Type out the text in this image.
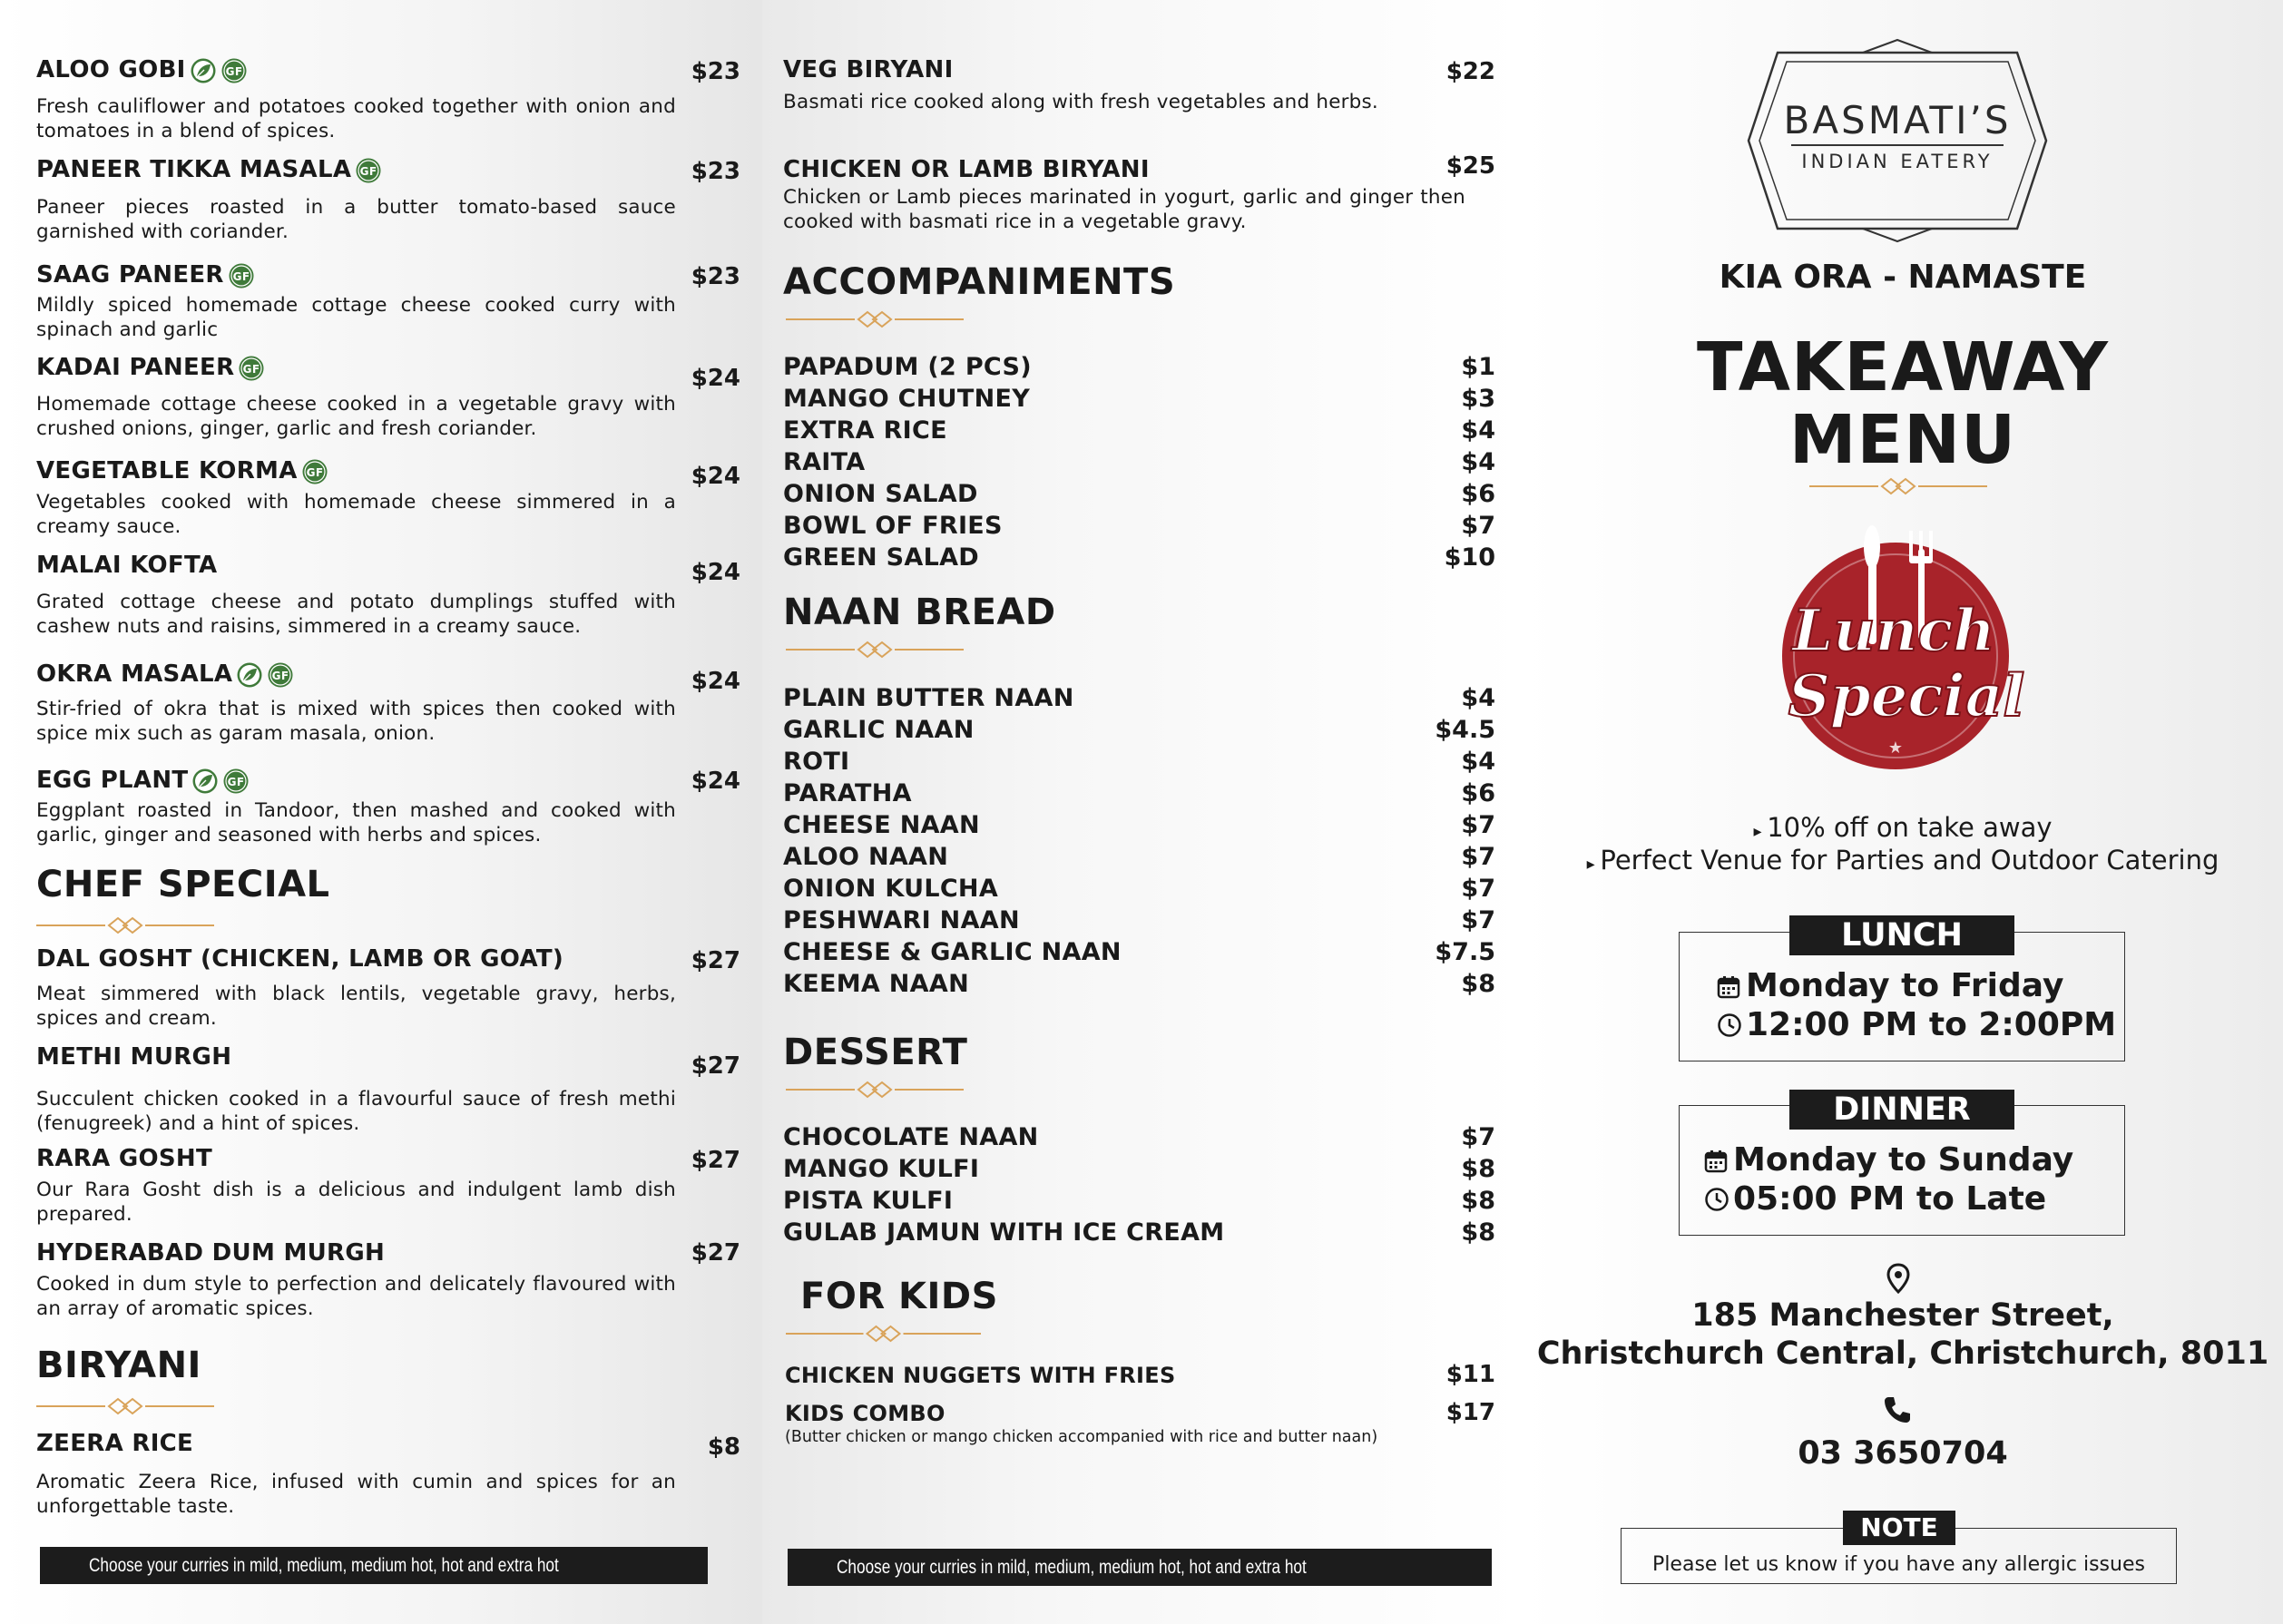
ALOO GOBI	GF	$23
Fresh cauliflower and potatoes cooked together with onion and tomatoes in a blend of spices.
PANEER TIKKA MASALA GF	$23
Paneer pieces roasted in a butter tomato-based sauce garnished with coriander.
SAAG PANEER GF	$23
Mildly spiced homemade cottage cheese cooked curry with spinach and garlic
KADAI PANEER GF	$24
Homemade cottage cheese cooked in a vegetable gravy with crushed onions, ginger, garlic and fresh coriander.
VEGETABLE KORMA GF	$24
Vegetables cooked with homemade cheese simmered in a creamy sauce.
MALAI KOFTA	$24
Grated cottage cheese and potato dumplings stuffed with cashew nuts and raisins, simmered in a creamy sauce.
OKRA MASALA	GF	$24
Stir-fried of okra that is mixed with spices then cooked with spice mix such as garam masala, onion.
EGG PLANT	GF	$24
Eggplant roasted in Tandoor, then mashed and cooked with garlic, ginger and seasoned with herbs and spices.
CHEF SPECIAL
DAL GOSHT (CHICKEN, LAMB OR GOAT)	$27
Meat simmered with black lentils, vegetable gravy, herbs, spices and cream.
METHI MURGH	$27
Succulent chicken cooked in a flavourful sauce of fresh methi (fenugreek) and a hint of spices.
RARA GOSHT	$27
Our Rara Gosht dish is a delicious and indulgent lamb dish prepared.
HYDERABAD DUM MURGH	$27
Cooked in dum style to perfection and delicately flavoured with an array of aromatic spices.
BIRYANI
ZEERA RICE	$8
Aromatic Zeera Rice, infused with cumin and spices for an unforgettable taste.
Choose your curries in mild, medium, medium hot, hot and extra hot
VEG BIRYANI	$22
Basmati rice cooked along with fresh vegetables and herbs.
CHICKEN OR LAMB BIRYANI	$25
Chicken or Lamb pieces marinated in yogurt, garlic and ginger then cooked with basmati rice in a vegetable gravy.
ACCOMPANIMENTS
PAPADUM (2 PCS)	$1
MANGO CHUTNEY	$3
EXTRA RICE	$4
RAITA	$4
ONION SALAD	$6
BOWL OF FRIES	$7
GREEN SALAD	$10
NAAN BREAD
PLAIN BUTTER NAAN	$4
GARLIC NAAN	$4.5
ROTI	$4
PARATHA	$6
CHEESE NAAN	$7
ALOO NAAN	$7
ONION KULCHA	$7
PESHWARI NAAN	$7
CHEESE & GARLIC NAAN	$7.5
KEEMA NAAN	$8
DESSERT
CHOCOLATE NAAN	$7
MANGO KULFI	$8
PISTA KULFI	$8
GULAB JAMUN WITH ICE CREAM	$8
FOR KIDS
CHICKEN NUGGETS WITH FRIES	$11
KIDS COMBO	$17
(Butter chicken or mango chicken accompanied with rice and butter naan)
Choose your curries in mild, medium, medium hot, hot and extra hot
BASMATI’S
INDIAN EATERY
KIA ORA - NAMASTE
TAKEAWAY
MENU
Lunch
Special
★
▸ 10% off on take away
▸ Perfect Venue for Parties and Outdoor Catering
LUNCH
Monday to Friday
12:00 PM to 2:00PM
DINNER
Monday to Sunday
05:00 PM to Late
185 Manchester Street,
Christchurch Central, Christchurch, 8011
03 3650704
NOTE
Please let us know if you have any allergic issues
